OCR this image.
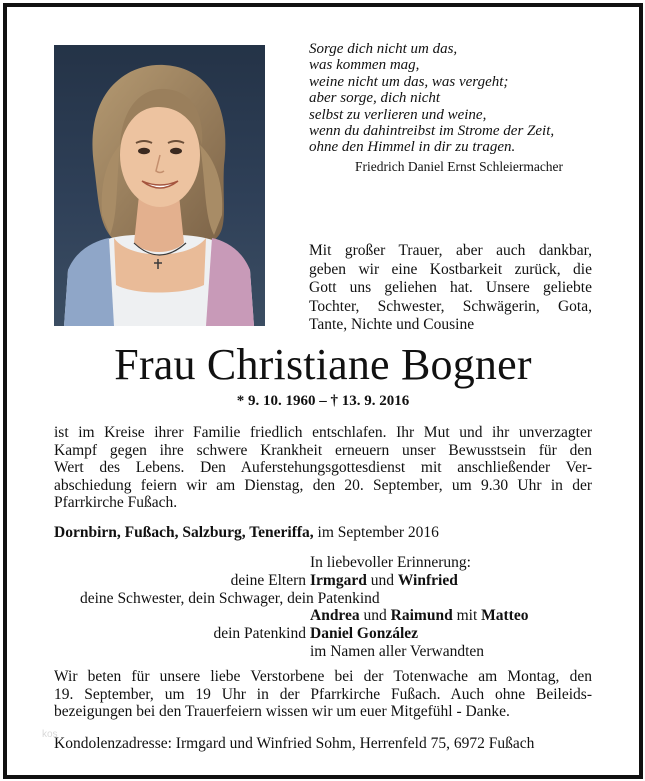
Sorge dich nicht um das,
was kommen mag,
weine nicht um das, was vergeht;
aber sorge, dich nicht
selbst zu verlieren und weine,
wenn du dahintreibst im Strome der Zeit,
ohne den Himmel in dir zu tragen.
Friedrich Daniel Ernst Schleiermacher
Mit großer Trauer, aber auch dankbar,
geben wir eine Kostbarkeit zurück, die
Gott uns geliehen hat. Unsere geliebte
Tochter, Schwester, Schwägerin, Gota,
Tante, Nichte und Cousine
Frau Christiane Bogner
* 9. 10. 1960 – † 13. 9. 2016
ist im Kreise ihrer Familie friedlich entschlafen. Ihr Mut und ihr unverzagter
Kampf gegen ihre schwere Krankheit erneuern unser Bewusstsein für den
Wert des Lebens. Den Auferstehungsgottesdienst mit anschließender Ver-
abschiedung feiern wir am Dienstag, den 20. September, um 9.30 Uhr in der
Pfarrkirche Fußach.
Dornbirn, Fußach, Salzburg, Teneriffa, im September 2016
In liebevoller Erinnerung:
deine Eltern Irmgard und Winfried
deine Schwester, dein Schwager, dein Patenkind
Andrea und Raimund mit Matteo
dein Patenkind Daniel González
im Namen aller Verwandten
Wir beten für unsere liebe Verstorbene bei der Totenwache am Montag, den
19. September, um 19 Uhr in der Pfarrkirche Fußach. Auch ohne Beileids-
bezeigungen bei den Trauerfeiern wissen wir um euer Mitgefühl - Danke.
kos
Kondolenzadresse: Irmgard und Winfried Sohm, Herrenfeld 75, 6972 Fußach
